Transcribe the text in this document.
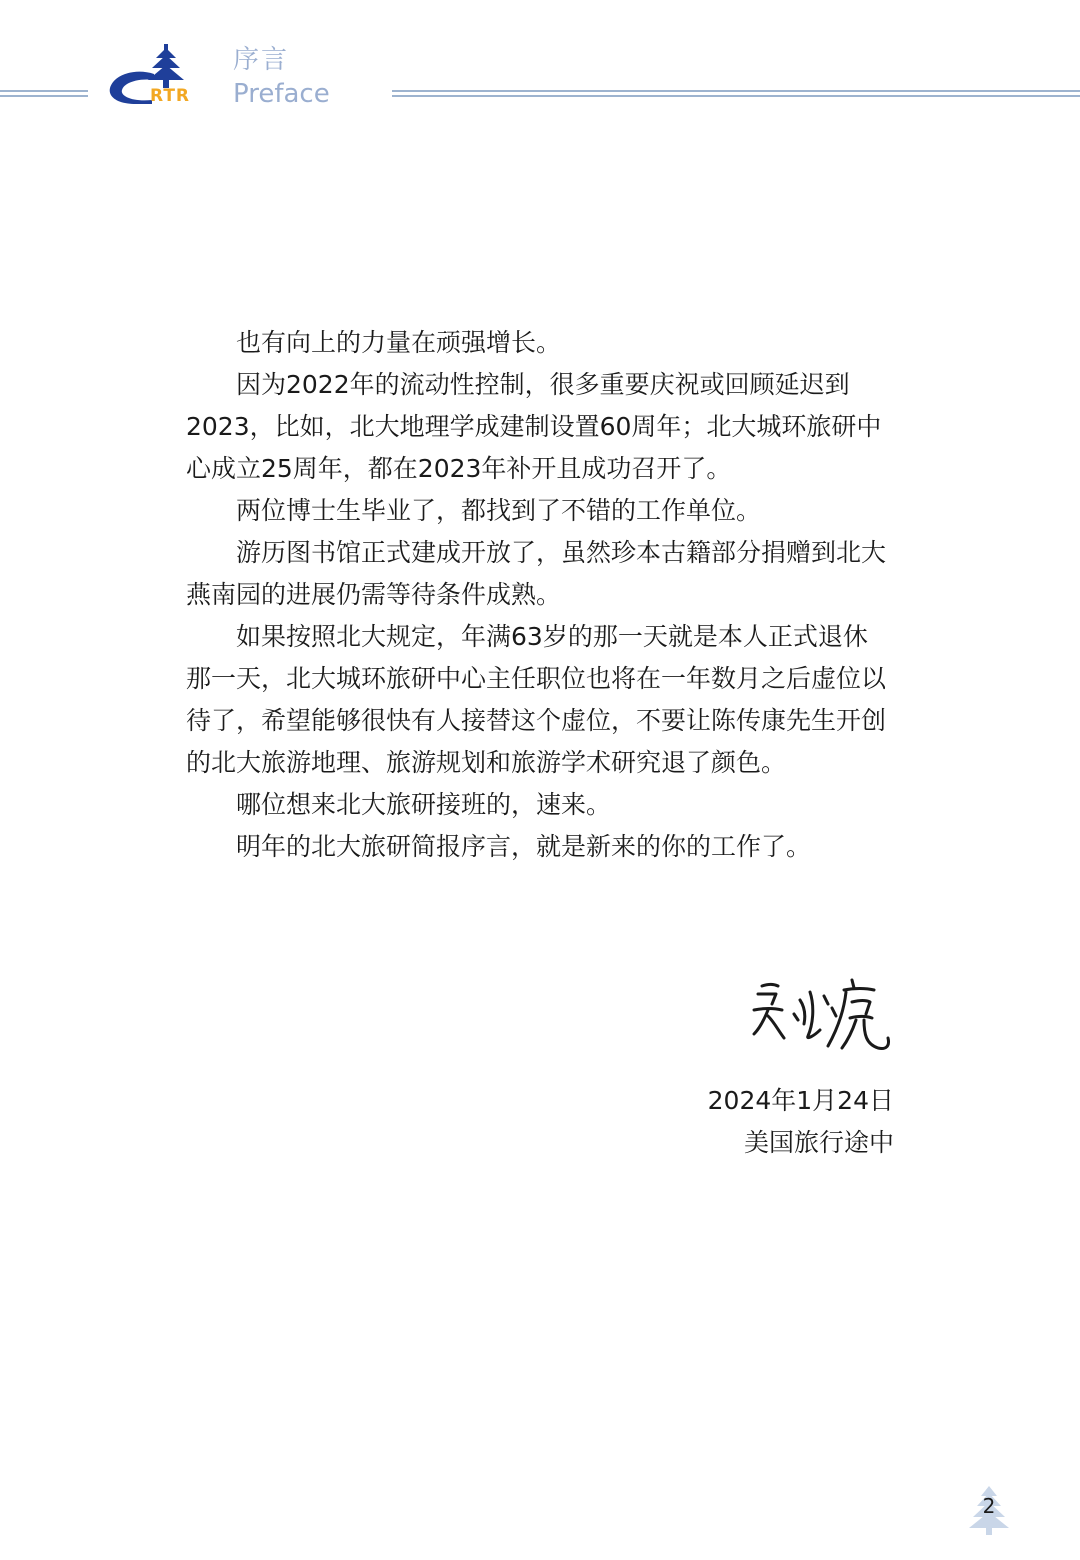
RTR
序言
Preface

也有向上的力量在顽强增长。

因为2022年的流动性控制，很多重要庆祝或回顾延迟到2023，比如，北大地理学成建制设置60周年；北大城环旅研中心成立25周年，都在2023年补开且成功召开了。

两位博士生毕业了，都找到了不错的工作单位。

游历图书馆正式建成开放了，虽然珍本古籍部分捐赠到北大燕南园的进展仍需等待条件成熟。

如果按照北大规定，年满63岁的那一天就是本人正式退休那一天，北大城环旅研中心主任职位也将在一年数月之后虚位以待了，希望能够很快有人接替这个虚位，不要让陈传康先生开创的北大旅游地理、旅游规划和旅游学术研究退了颜色。

哪位想来北大旅研接班的，速来。

明年的北大旅研简报序言，就是新来的你的工作了。

2024年1月24日
美国旅行途中
2
